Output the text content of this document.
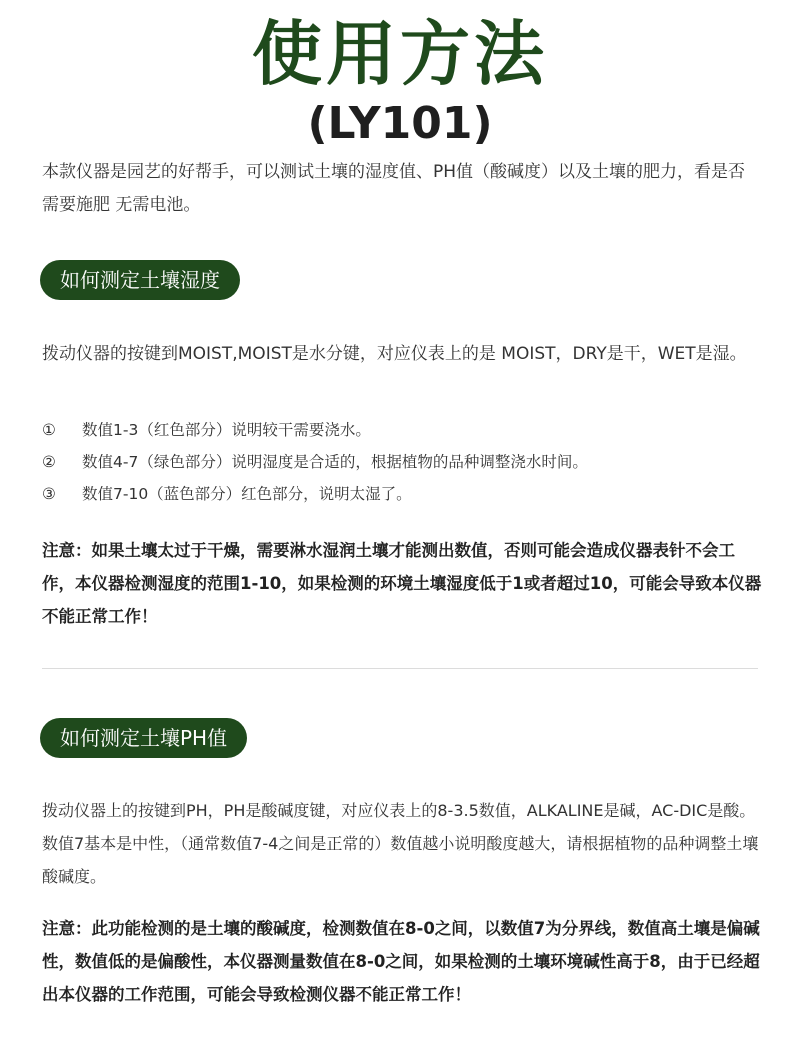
使用方法
(LY101)
本款仪器是园艺的好帮手，可以测试土壤的湿度值、PH值（酸碱度）以及土壤的肥力，看是否需要施肥 无需电池。
如何测定土壤湿度
拨动仪器的按键到MOIST,MOIST是水分键，对应仪表上的是 MOIST，DRY是干，WET是湿。
①	数值1-3（红色部分）说明较干需要浇水。
②	数值4-7（绿色部分）说明湿度是合适的，根据植物的品种调整浇水时间。
③	数值7-10（蓝色部分）红色部分，说明太湿了。
注意：如果土壤太过于干燥，需要淋水湿润土壤才能测出数值，否则可能会造成仪器表针不会工作，本仪器检测湿度的范围1-10，如果检测的环境土壤湿度低于1或者超过10，可能会导致本仪器不能正常工作！
如何测定土壤PH值
拨动仪器上的按键到PH，PH是酸碱度键，对应仪表上的8-3.5数值，ALKALINE是碱，AC-DIC是酸。数值7基本是中性，（通常数值7-4之间是正常的）数值越小说明酸度越大，请根据植物的品种调整土壤酸碱度。
注意：此功能检测的是土壤的酸碱度，检测数值在8-0之间，以数值7为分界线，数值高土壤是偏碱性，数值低的是偏酸性，本仪器测量数值在8-0之间，如果检测的土壤环境碱性高于8，由于已经超出本仪器的工作范围，可能会导致检测仪器不能正常工作！
